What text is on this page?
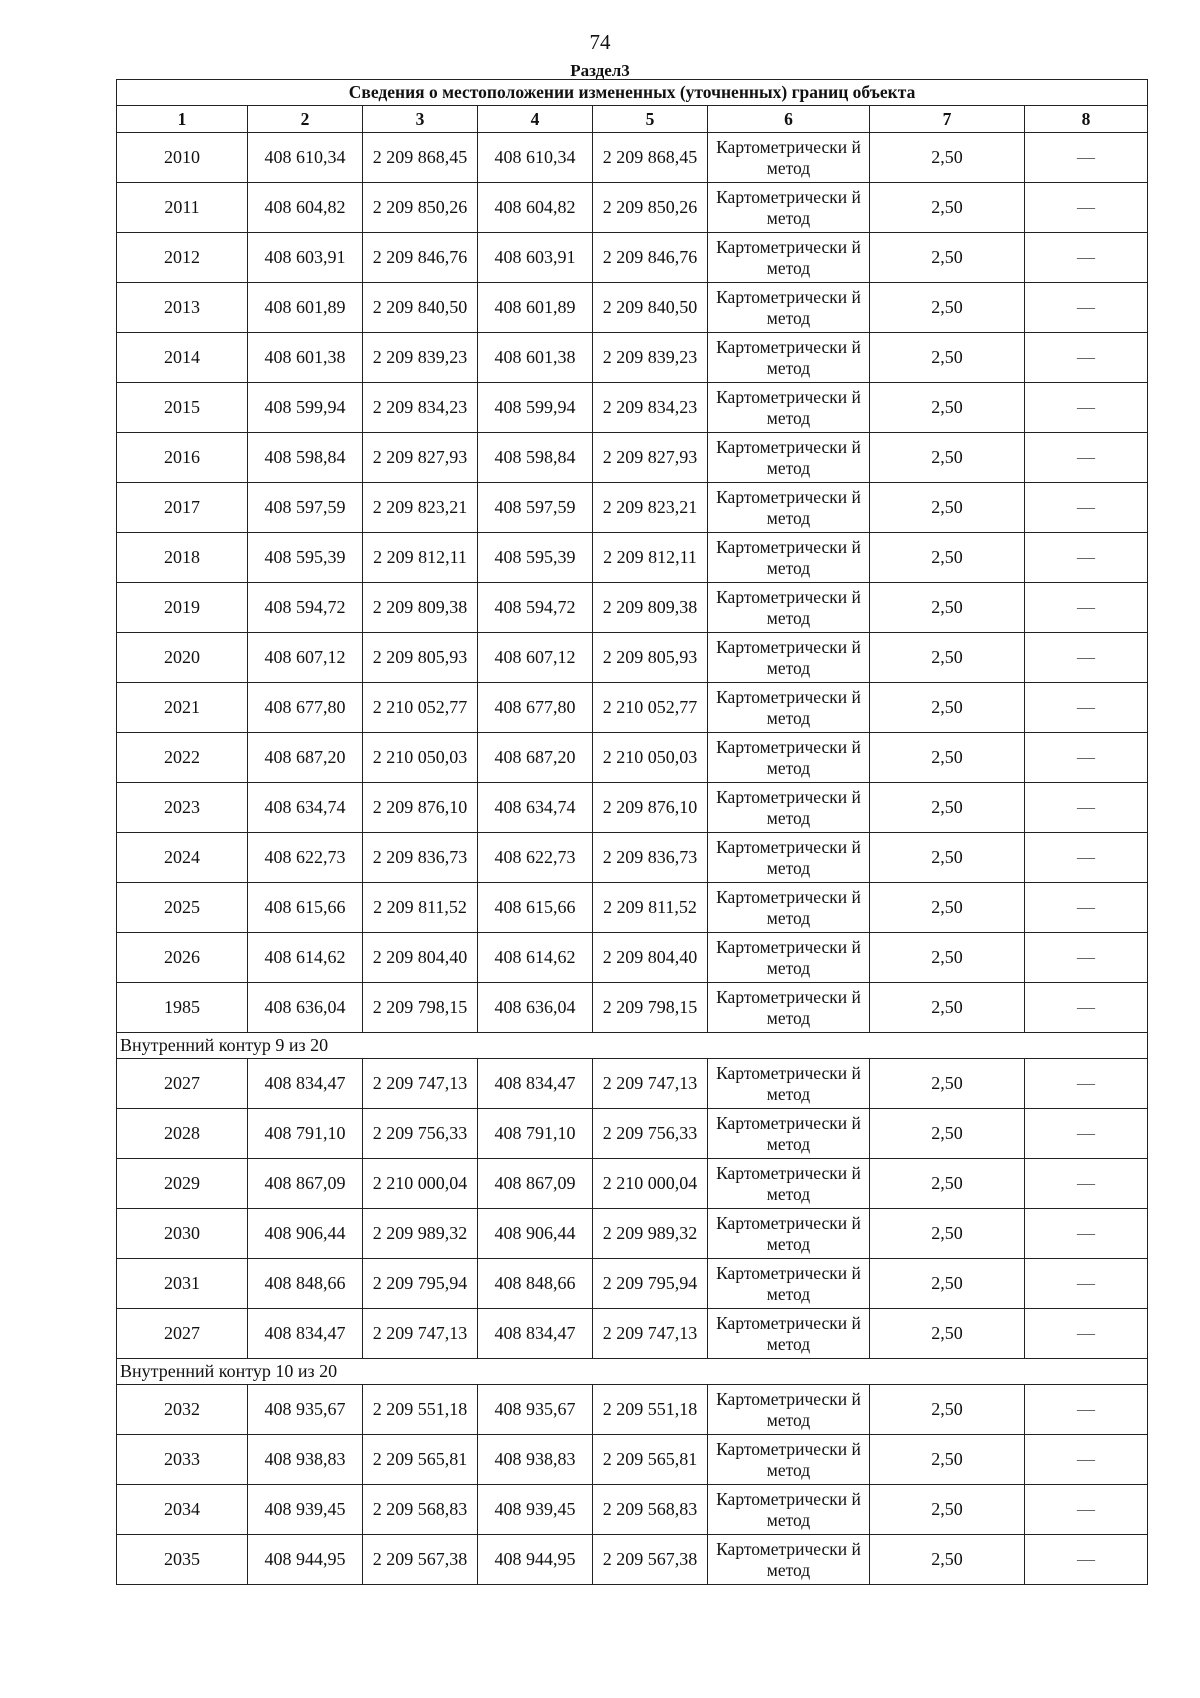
74
Раздел3
Сведения о местоположении измененных (уточненных) границ объекта							
1	2	3	4	5	6	7	8
2010	408 610,34	2 209 868,45	408 610,34	2 209 868,45	Картометрически й метод	2,50	—
2011	408 604,82	2 209 850,26	408 604,82	2 209 850,26	Картометрически й метод	2,50	—
2012	408 603,91	2 209 846,76	408 603,91	2 209 846,76	Картометрически й метод	2,50	—
2013	408 601,89	2 209 840,50	408 601,89	2 209 840,50	Картометрически й метод	2,50	—
2014	408 601,38	2 209 839,23	408 601,38	2 209 839,23	Картометрически й метод	2,50	—
2015	408 599,94	2 209 834,23	408 599,94	2 209 834,23	Картометрически й метод	2,50	—
2016	408 598,84	2 209 827,93	408 598,84	2 209 827,93	Картометрически й метод	2,50	—
2017	408 597,59	2 209 823,21	408 597,59	2 209 823,21	Картометрически й метод	2,50	—
2018	408 595,39	2 209 812,11	408 595,39	2 209 812,11	Картометрически й метод	2,50	—
2019	408 594,72	2 209 809,38	408 594,72	2 209 809,38	Картометрически й метод	2,50	—
2020	408 607,12	2 209 805,93	408 607,12	2 209 805,93	Картометрически й метод	2,50	—
2021	408 677,80	2 210 052,77	408 677,80	2 210 052,77	Картометрически й метод	2,50	—
2022	408 687,20	2 210 050,03	408 687,20	2 210 050,03	Картометрически й метод	2,50	—
2023	408 634,74	2 209 876,10	408 634,74	2 209 876,10	Картометрически й метод	2,50	—
2024	408 622,73	2 209 836,73	408 622,73	2 209 836,73	Картометрически й метод	2,50	—
2025	408 615,66	2 209 811,52	408 615,66	2 209 811,52	Картометрически й метод	2,50	—
2026	408 614,62	2 209 804,40	408 614,62	2 209 804,40	Картометрически й метод	2,50	—
1985	408 636,04	2 209 798,15	408 636,04	2 209 798,15	Картометрически й метод	2,50	—
Внутренний контур 9 из 20							
2027	408 834,47	2 209 747,13	408 834,47	2 209 747,13	Картометрически й метод	2,50	—
2028	408 791,10	2 209 756,33	408 791,10	2 209 756,33	Картометрически й метод	2,50	—
2029	408 867,09	2 210 000,04	408 867,09	2 210 000,04	Картометрически й метод	2,50	—
2030	408 906,44	2 209 989,32	408 906,44	2 209 989,32	Картометрически й метод	2,50	—
2031	408 848,66	2 209 795,94	408 848,66	2 209 795,94	Картометрически й метод	2,50	—
2027	408 834,47	2 209 747,13	408 834,47	2 209 747,13	Картометрически й метод	2,50	—
Внутренний контур 10 из 20							
2032	408 935,67	2 209 551,18	408 935,67	2 209 551,18	Картометрически й метод	2,50	—
2033	408 938,83	2 209 565,81	408 938,83	2 209 565,81	Картометрически й метод	2,50	—
2034	408 939,45	2 209 568,83	408 939,45	2 209 568,83	Картометрически й метод	2,50	—
2035	408 944,95	2 209 567,38	408 944,95	2 209 567,38	Картометрически й метод	2,50	—
